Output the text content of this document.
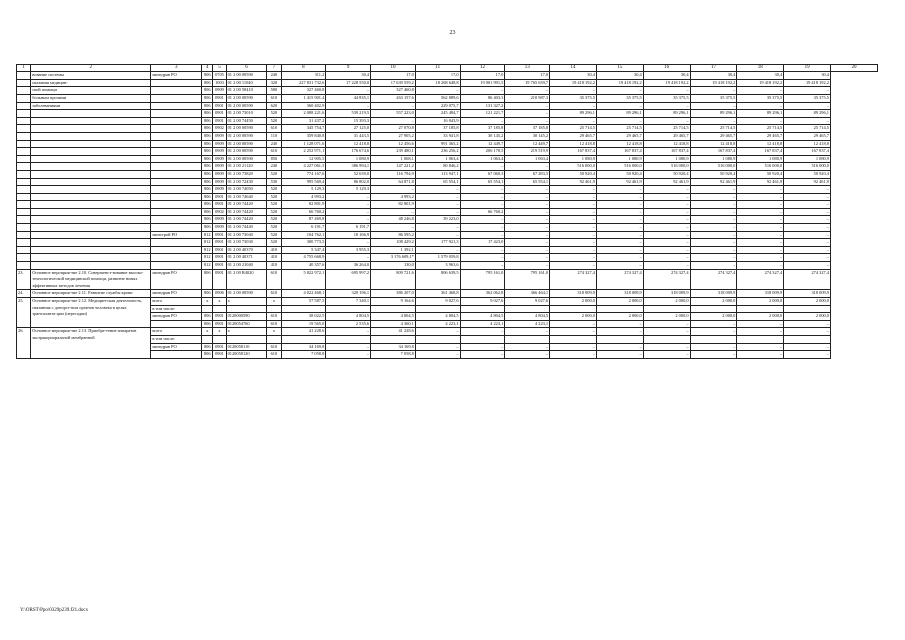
23
1	2	3	4	5	6	7	8	9	10	11	12	13	14	15	16	17	18	19	20
	вование системы	минздрав РО	806	0705	01 2 00 00590	240	311,2	30,4	17,0	17,0	17,0	17,0	30,4	30,4	30,4	30,4	30,4	30,4	
	оказания медицин-		806	1003	01 2 00 11040	320	227 831 732,6	17 228 550,0	17 639 559,2	18 268 648,8	19 001 991,5	19 765 639,7	19 418 192,2	19 418 192,2	19 418 192,2	19 418 192,2	19 418 192,2	19 418 192,2	
	ской помощи		806	0909	01 2 00 58410	580	327 460,8	–	327 460,8	–	–	–	–	–	–	–	–	–	
	больным прочими		806	0901	01 2 00 00590	610	1 415 901,4	44 835,1	263 157,6	562 889,6	86 403,3	210 987,3	35 375,5	35 375,5	35 375,5	35 375,5	35 375,5	35 375,5	
	заболеваниями		806	0901	01 2 00 00590	620	360 402,9	–	–	229 075,7	131 327,2	–	–	–	–	–	–	–	
			806	0901	01 2 00 73010	520	2 088 221,6	539 219,5	557 223,0	245 484,7	121 221,7	–	89 296,1	89 296,1	89 296,1	89 296,1	89 296,1	89 296,1	
			806	0901	01 2 00 74450	520	31 437,2	15 393,3	–	16 043,9	–	–	–	–	–	–	–	–	
			806	0902	01 2 00 00590	610	345 754,7	27 125,0	27 070,8	37 185,8	37 185,8	37 185,8	25 714,5	25 714,5	25 714,5	25 714,5	25 714,5	25 714,5	
			806	0909	01 2 00 00590	110	359 840,8	31 443,5	27 905,2	33 941,8	30 145,2	30 145,2	29 465,7	29 465,7	29 465,7	29 465,7	29 465,7	29 465,7	
			806	0909	01 2 00 00590	240	1 128 071,6	12 418,8	12 456,6	991 365,2	12 449,7	12 449,7	12 418,8	12 418,8	12 418,8	12 418,8	12 418,8	12 418,8	
			806	0909	01 2 00 00590	610	2 252 971,1	176 674,6	239 480,1	236 256,2	206 178,5	219 519,9	167 837,4	167 837,4	167 837,4	167 837,4	167 837,4	167 837,4	
			806	0909	01 2 00 00590	850	12 905,5	1 080,9	1 068,1	1 063,4	1 063,4	1 063,4	1 080,9	1 080,9	1 080,9	1 080,9	1 080,9	1 080,9	
			806	0909	01 2 00 21120	240	4 227 061,5	386 994,1	147 221,2	80 846,2	–	–	516 000,0	516 000,0	516 000,0	516 000,0	516 000,0	516 000,0	
			806	0909	01 2 00 73820	520	774 167,6	52 639,0	116 794,9	113 947,1	67 060,3	67 283,5	50 920,4	50 920,4	50 920,4	50 920,4	50 920,4	50 920,4	
			806	0909	01 2 00 72430	530	995 569,4	86 802,0	64 871,8	65 554,1	65 554,1	65 554,1	92 461,9	92 461,9	92 461,9	92 461,9	92 461,9	92 461,9	
			806	0909	01 2 00 74050	520	5 129,3	5 129,3	–	–	–	–	–	–	–	–	–	–	
			806	0901	01 2 00 74640	520	4 993,2	–	4 993,2	–	–	–	–	–	–	–	–	–	
			806	0901	01 2 00 74420	520	82 801,9	–	82 801,9	–	–	–	–	–	–	–	–	–	
			806	0902	01 2 00 74420	520	66 760,2	–	–	–	66 760,2	–	–	–	–	–	–	–	
			806	0909	01 2 00 74420	520	87 469,8	–	48 246,8	39 223,0	–	–	–	–	–	–	–	–	
			806	0909	01 2 00 74440	520	6 191,7	6 191,7	–	–	–	–	–	–	–	–	–	–	
		минстрой РО	812	0901	01 2 00 73040	520	104 762,1	18 166,9	86 595,2	–	–	–	–	–	–	–	–	–	
			812	0901	01 2 00 73030	520	300 773,5	–	108 429,2	177 921,3	17 423,0	–	–	–	–	–	–	–	
			812	0901	01 2 00 40370	410	5 347,4	3 955,3	1 392,1	–	–	–	–	–	–	–	–	–	
			812	0901	01 2 00 40371	410	4 755 668,9	–	3 176 609,1*	1 579 059,8	–	–	–	–	–	–	–	–	
			812	0901	01 2 00 21040	410	40 357,6	36 264,0	130,0	3 963,6	–	–	–	–	–	–	–	–	
23.	Основное мероприя-тие 2.10. Совершенст-вование высоко-технологической медицинской помощи, развитие новых эффективных методов лечения	минздрав РО	806	0901	01 2 00 R4020	610	5 822 972,1	695 997,2	809 721,6	806 639,5	795 161,0	795 161,0	274 327,4	274 327,4	274 327,4	274 327,4	274 327,4	274 327,4	
24.	Основное мероприя-тие 2.11. Развитие службы крови	минздрав РО	806	0906	01 2 00 00590	610	4 022 468,1	320 196,1	386 207,0	361 468,8	362 062,8	366 464,1	318 009,9	318 009,9	318 009,9	318 009,9	318 009,9	318 009,9	
25.	Основное мероприя-тие 2.12. Медицин-ская деятельность, связанная с донорст-вом органов человека в целях трансплanта-ции (пересадки)	всего	x	x	x	x	57 587,5	7 340,1	9 164,6	9 027,6	9 027,6	9 027,6	2 000,0	2 000,0	2 000,0	2 000,0	2 000,0	2 000,0	
		в том числе:																	
		минздрав РО	806	0901	0120000590	610	38 022,5	4 804,5	4 804,5	4 804,5	4 804,5	4 804,5	2 000,0	2 000,0	2 000,0	2 000,0	2 000,0	2 000,0	
			806	0901	0120054760	610	19 565,0	2 535,6	4 360,1	4 223,1	4 223,1	4 223,1	–	–	–	–	–	–	
26.	Основное мероприя-тие 2.13. Приобре-тение аппаратов экстракорпоральной мембранной	всего	x	x	x	x	41 228,6	–	41 228,6	–	–	–	–	–	–	–	–	–	
		в том числе:																	
		минздрав РО	806	0901	0120058110	610	34 169,8	–	34 169,8	–	–	–	–	–	–	–	–	–	
			806	0901	0120058120	610	7 058,8	–	7 058,8	–	–	–	–	–	–	–	–	–	
Y:\ORST\Ppo\0329p239.f21.docx
